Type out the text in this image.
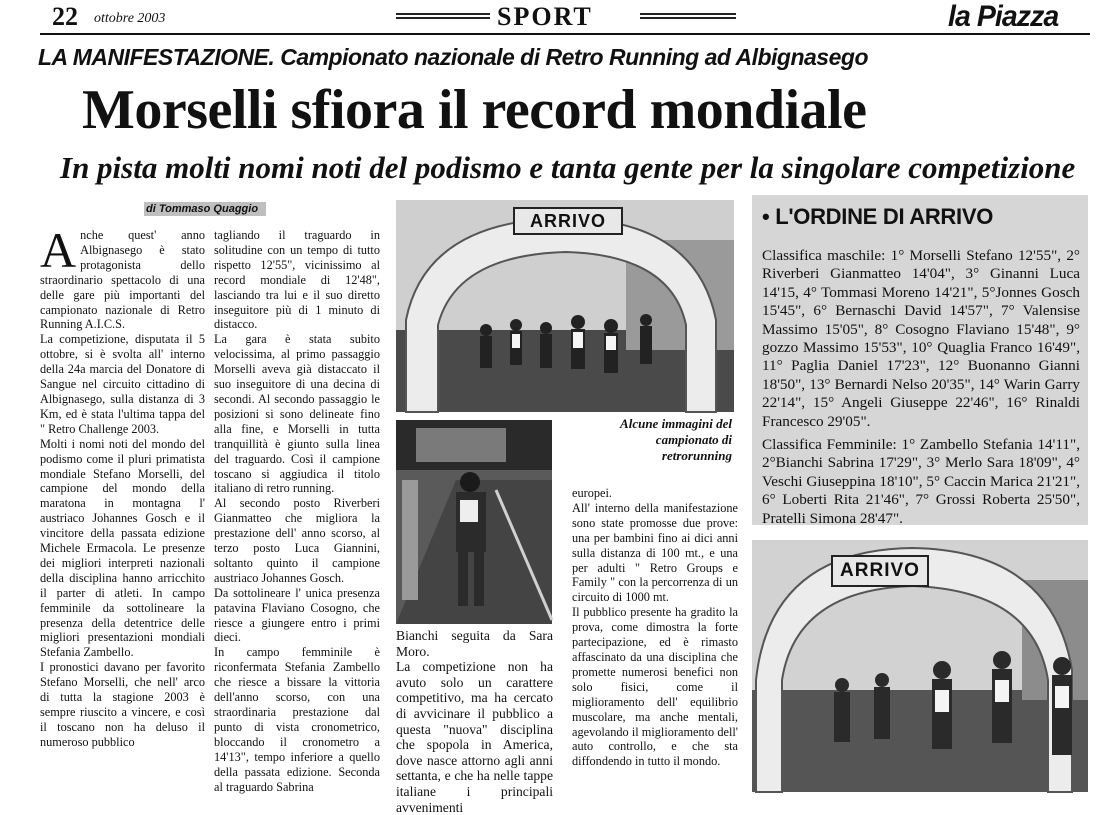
22 ottobre 2003	SPORT	la Piazza
LA MANIFESTAZIONE. Campionato nazionale di Retro Running ad Albignasego
Morselli sfiora il record mondiale
In pista molti nomi noti del podismo e tanta gente per la singolare competizione
di Tommaso Quaggio

Anche quest' anno Albignasego è stato protagonista dello straordinario spettacolo di una delle gare più importanti del campionato nazionale di Retro Running A.I.C.S.

La competizione, disputata il 5 ottobre, si è svolta all' interno della 24a marcia del Donatore di Sangue nel circuito cittadino di Albignasego, sulla distanza di 3 Km, ed è stata l'ultima tappa del " Retro Challenge 2003.

Molti i nomi noti del mondo del podismo come il pluri primatista mondiale Stefano Morselli, del campione del mondo della maratona in montagna l' austriaco Johannes Gosch e il vincitore della passata edizione Michele Ermacola. Le presenze dei migliori interpreti nazionali della disciplina hanno arricchito il parter di atleti. In campo femminile da sottolineare la presenza della detentrice delle migliori presentazioni mondiali Stefania Zambello.

I pronostici davano per favorito Stefano Morselli, che nell' arco di tutta la stagione 2003 è sempre riuscito a vincere, e così il toscano non ha deluso il numeroso pubblico

tagliando il traguardo in solitudine con un tempo di tutto rispetto 12'55", vicinissimo al record mondiale di 12'48", lasciando tra lui e il suo diretto inseguitore più di 1 minuto di distacco.

La gara è stata subito velocissima, al primo passaggio Morselli aveva già distaccato il suo inseguitore di una decina di secondi. Al secondo passaggio le posizioni si sono delineate fino alla fine, e Morselli in tutta tranquillità è giunto sulla linea del traguardo. Così il campione toscano si aggiudica il titolo italiano di retro running.

Al secondo posto Riverberi Gianmatteo che migliora la prestazione dell' anno scorso, al terzo posto Luca Giannini, soltanto quinto il campione austriaco Johannes Gosch.

Da sottolineare l' unica presenza patavina Flaviano Cosogno, che riesce a giungere entro i primi dieci.

In campo femminile è riconfermata Stefania Zambello che riesce a bissare la vittoria dell'anno scorso, con una straordinaria prestazione dal punto di vista cronometrico, bloccando il cronometro a 14'13", tempo inferiore a quello della passata edizione. Seconda al traguardo Sabrina

ARRIVO
Alcune immagini del campionato di retrorunning

Bianchi seguita da Sara Moro.

La competizione non ha avuto solo un carattere competitivo, ma ha cercato di avvicinare il pubblico a questa "nuova" disciplina che spopola in America, dove nasce attorno agli anni settanta, e che ha nelle tappe italiane i principali avvenimenti

europei.

All' interno della manifestazione sono state promosse due prove: una per bambini fino ai dici anni sulla distanza di 100 mt., e una per adulti " Retro Groups e Family " con la percorrenza di un circuito di 1000 mt.

Il pubblico presente ha gradito la prova, come dimostra la forte partecipazione, ed è rimasto affascinato da una disciplina che promette numerosi benefici non solo fisici, come il miglioramento dell' equilibrio muscolare, ma anche mentali, agevolando il miglioramento dell' auto controllo, e che sta diffondendo in tutto il mondo.

• L'ORDINE DI ARRIVO
Classifica maschile: 1° Morselli Stefano 12'55", 2° Riverberi Gianmatteo 14'04", 3° Ginanni Luca 14'15, 4° Tommasi Moreno 14'21", 5°Jonnes Gosch 15'45", 6° Bernaschi David 14'57", 7° Valensise Massimo 15'05", 8° Cosogno Flaviano 15'48", 9° gozzo Massimo 15'53", 10° Quaglia Franco 16'49", 11° Paglia Daniel 17'23", 12° Buonanno Gianni 18'50", 13° Bernardi Nelso 20'35", 14° Warin Garry 22'14", 15° Angeli Giuseppe 22'46", 16° Rinaldi Francesco 29'05".
Classifica Femminile: 1° Zambello Stefania 14'11", 2°Bianchi Sabrina 17'29", 3° Merlo Sara 18'09", 4° Veschi Giuseppina 18'10", 5° Caccin Marica 21'21", 6° Loberti Rita 21'46", 7° Grossi Roberta 25'50", Pratelli Simona 28'47".
ARRIVO
